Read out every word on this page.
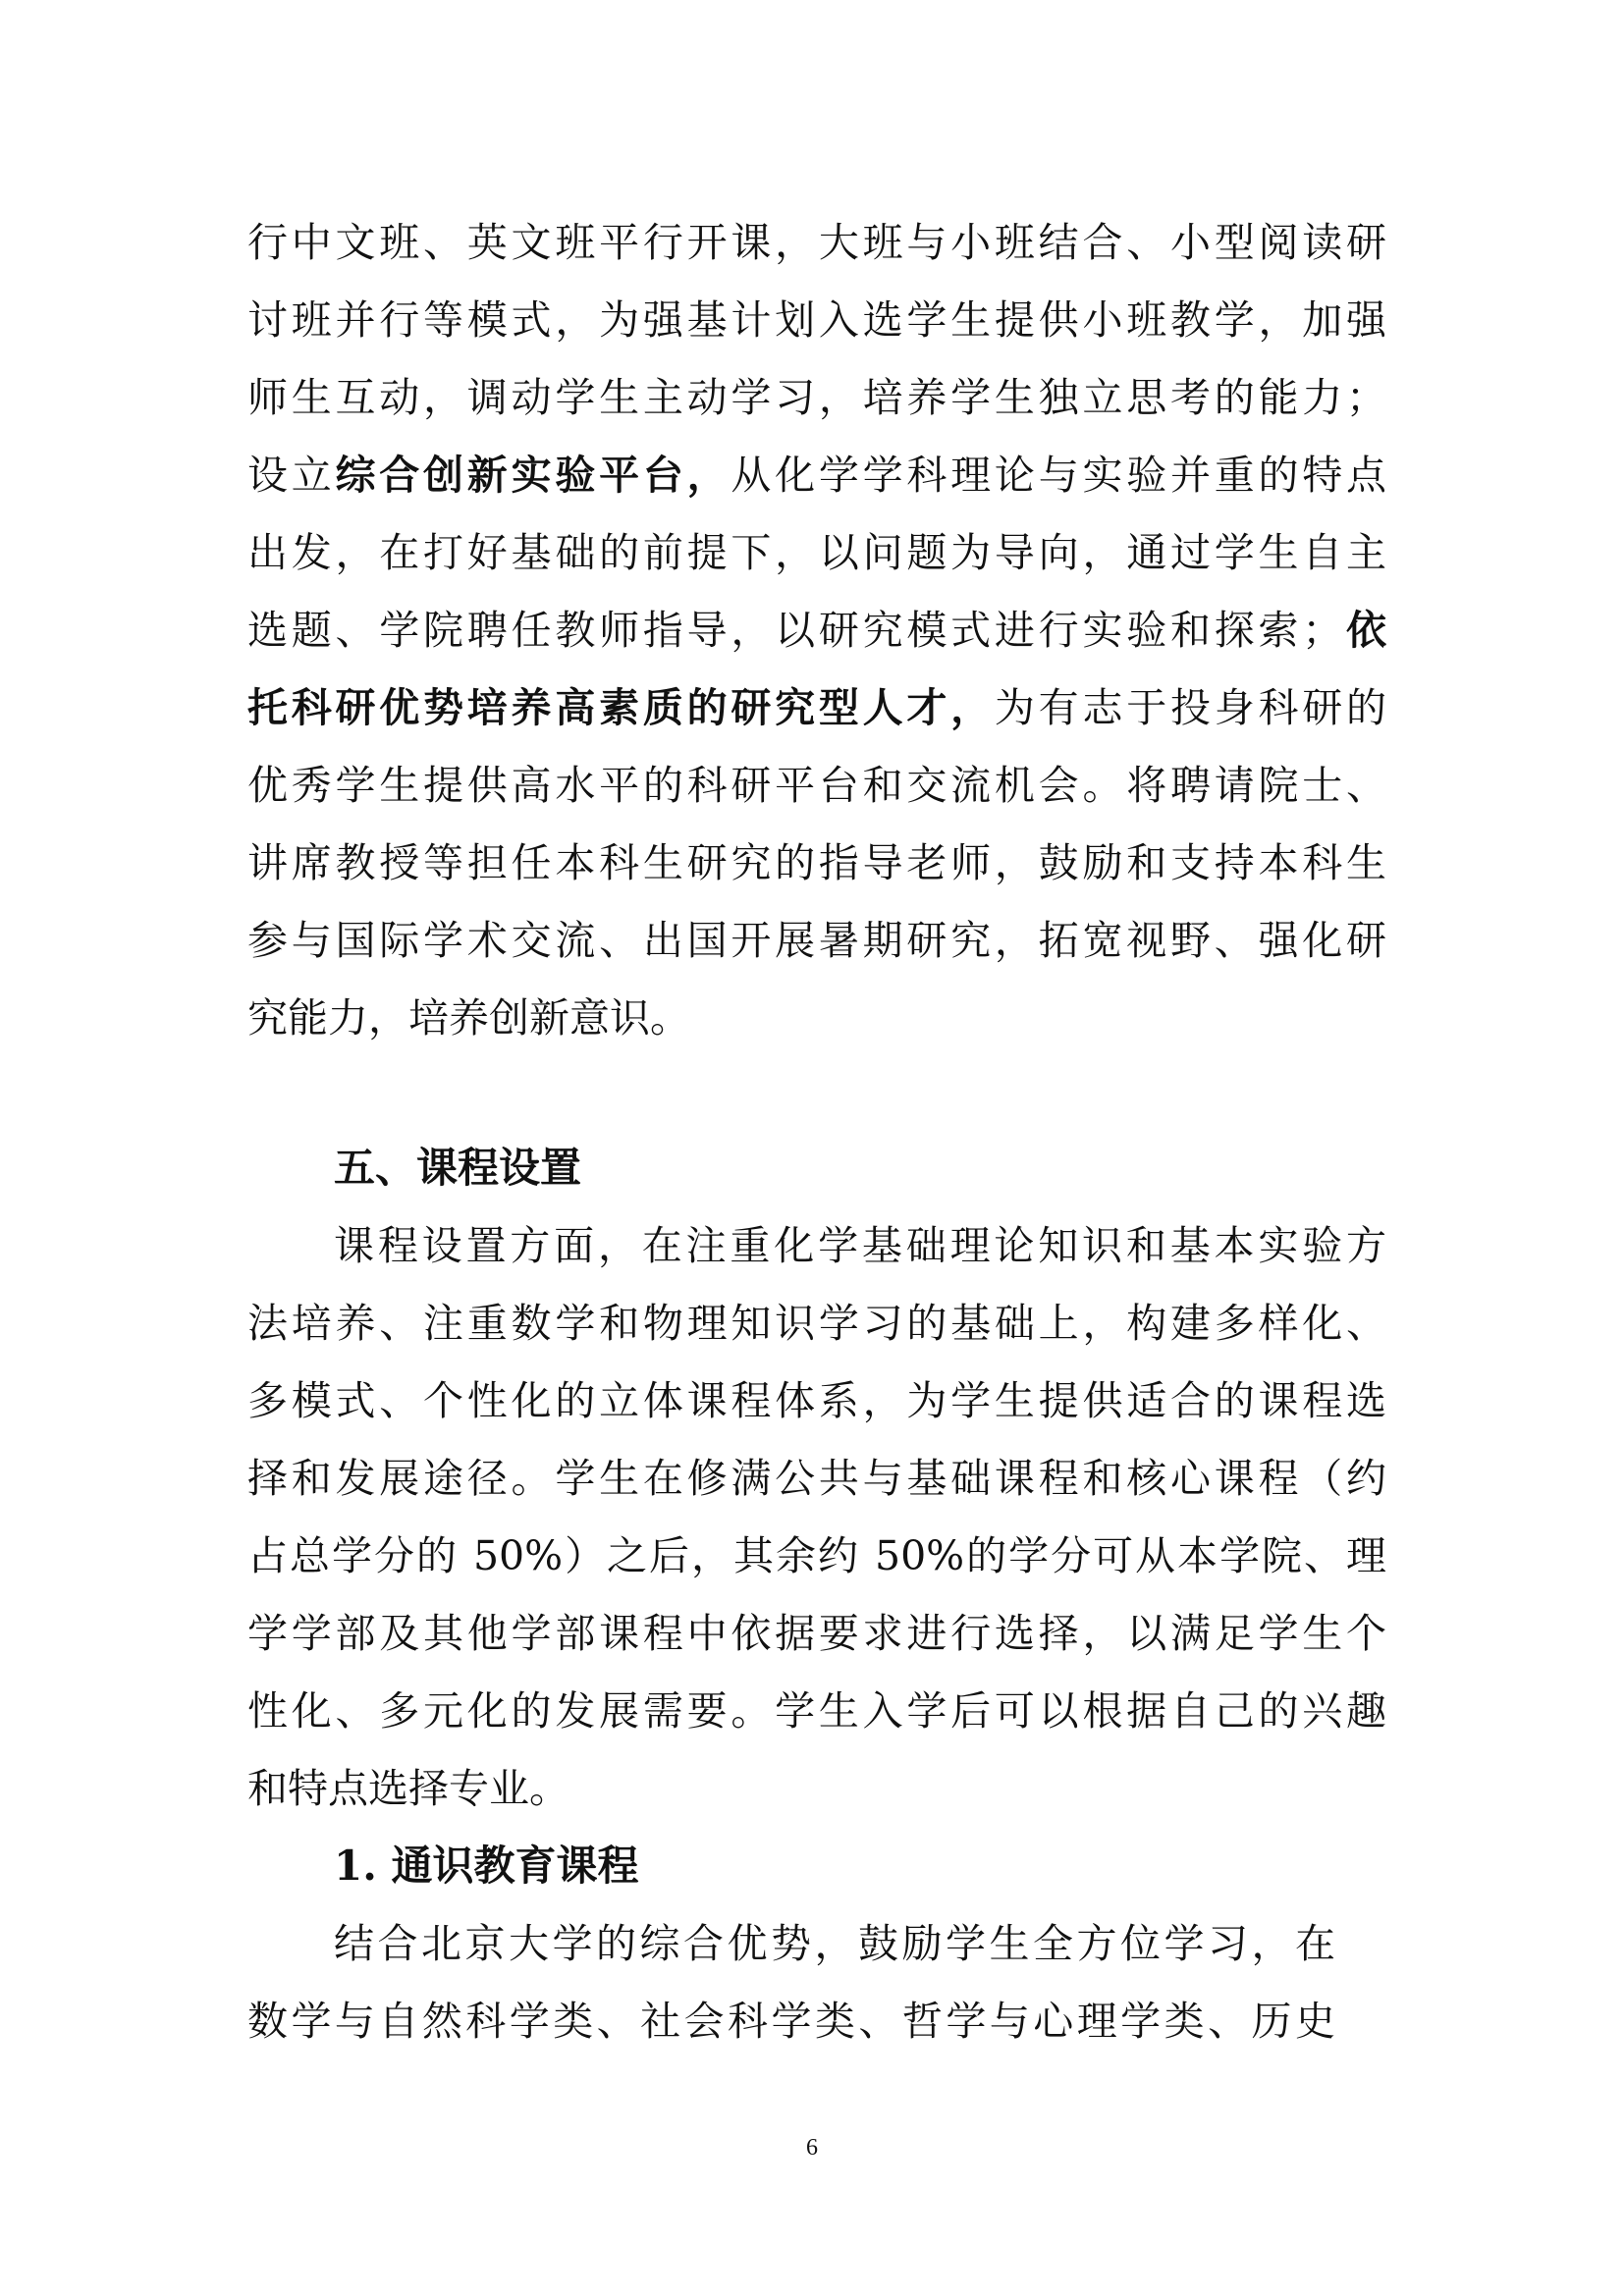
行中文班、英文班平行开课，大班与小班结合、小型阅读研
讨班并行等模式，为强基计划入选学生提供小班教学，加强
师生互动，调动学生主动学习，培养学生独立思考的能力；
设立综合创新实验平台，从化学学科理论与实验并重的特点
出发，在打好基础的前提下，以问题为导向，通过学生自主
选题、学院聘任教师指导，以研究模式进行实验和探索；依
托科研优势培养高素质的研究型人才，为有志于投身科研的
优秀学生提供高水平的科研平台和交流机会。将聘请院士、
讲席教授等担任本科生研究的指导老师，鼓励和支持本科生
参与国际学术交流、出国开展暑期研究，拓宽视野、强化研
究能力，培养创新意识。
五、课程设置
课程设置方面，在注重化学基础理论知识和基本实验方
法培养、注重数学和物理知识学习的基础上，构建多样化、
多模式、个性化的立体课程体系，为学生提供适合的课程选
择和发展途径。学生在修满公共与基础课程和核心课程（约
占总学分的 50%）之后，其余约 50%的学分可从本学院、理
学学部及其他学部课程中依据要求进行选择，以满足学生个
性化、多元化的发展需要。学生入学后可以根据自己的兴趣
和特点选择专业。
1. 通识教育课程
结合北京大学的综合优势，鼓励学生全方位学习，在
数学与自然科学类、社会科学类、哲学与心理学类、历史
6
